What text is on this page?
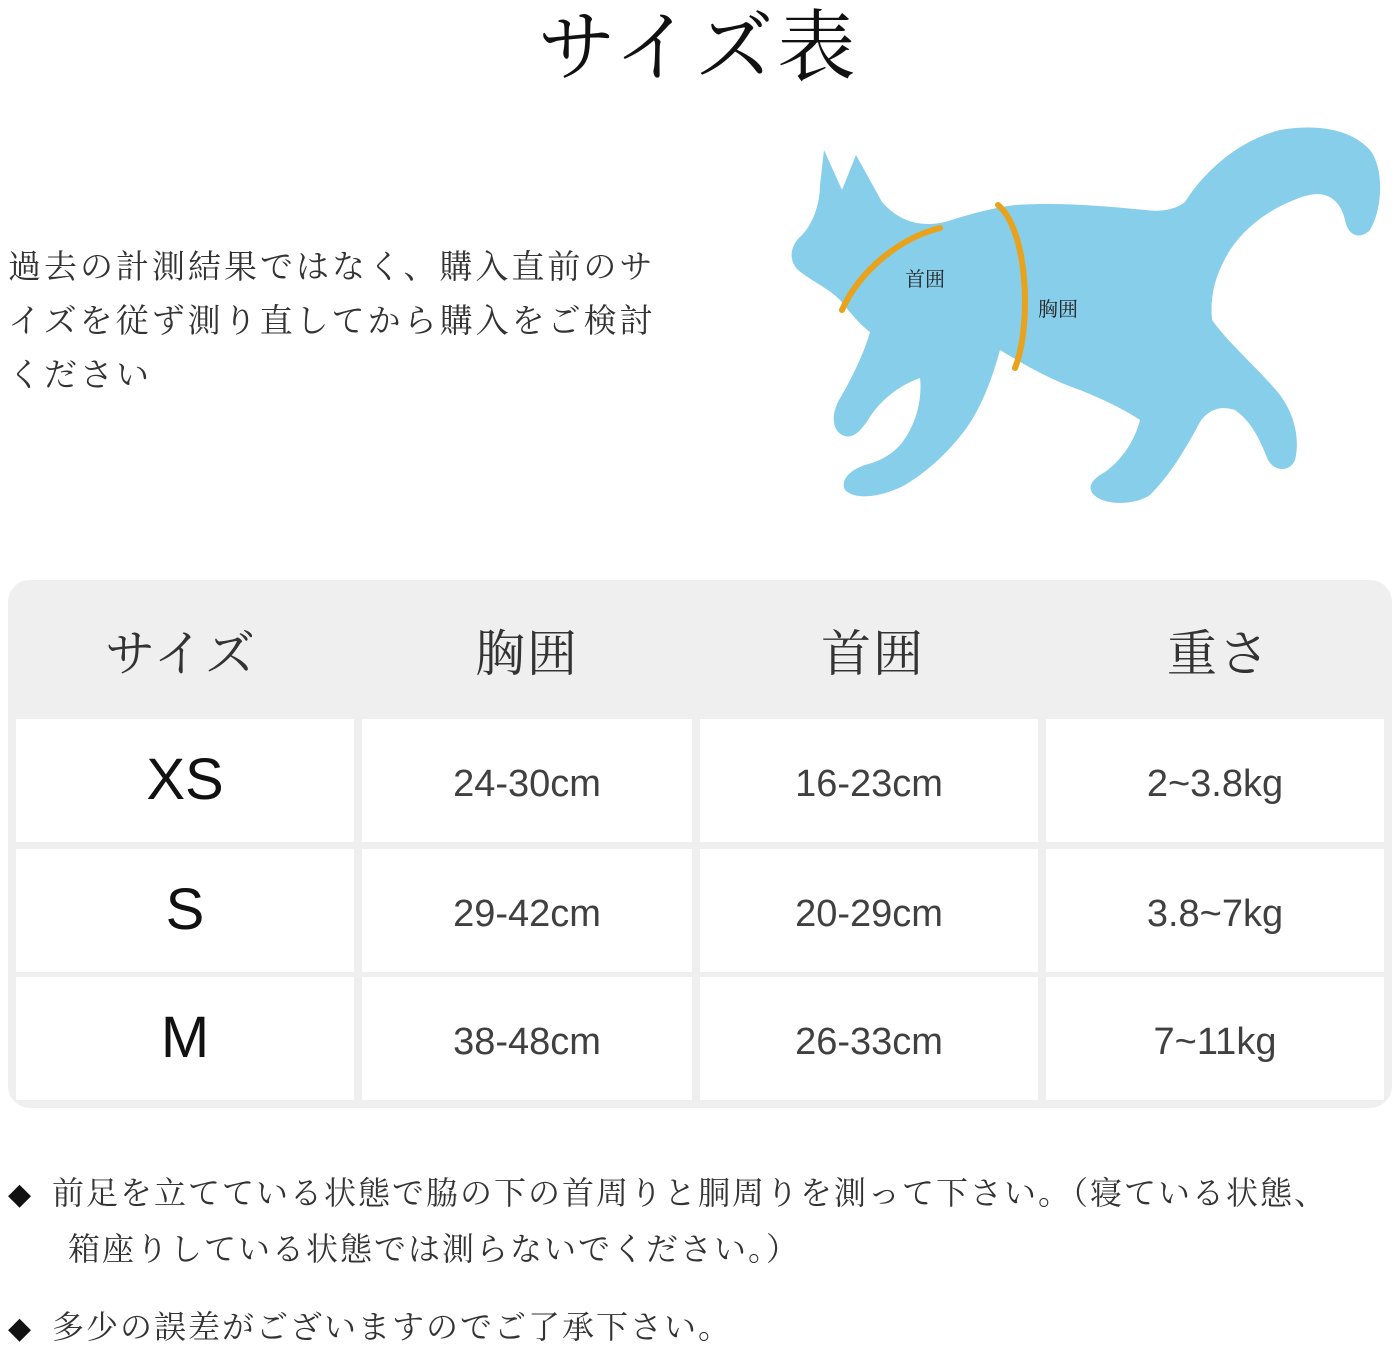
サイズ表
過去の計測結果ではなく、購入直前のサ
イズを従ず測り直してから購入をご検討
ください
首囲
胸囲
サイズ	胸囲	首囲	重さ
XS	24-30cm	16-23cm	2~3.8kg
S	29-42cm	20-29cm	3.8~7kg
M	38-48cm	26-33cm	7~11kg
◆ 前足を立てている状態で脇の下の首周りと胴周りを測って下さい。（寝ている状態、
箱座りしている状態では測らないでください。）
◆ 多少の誤差がございますのでご了承下さい。
